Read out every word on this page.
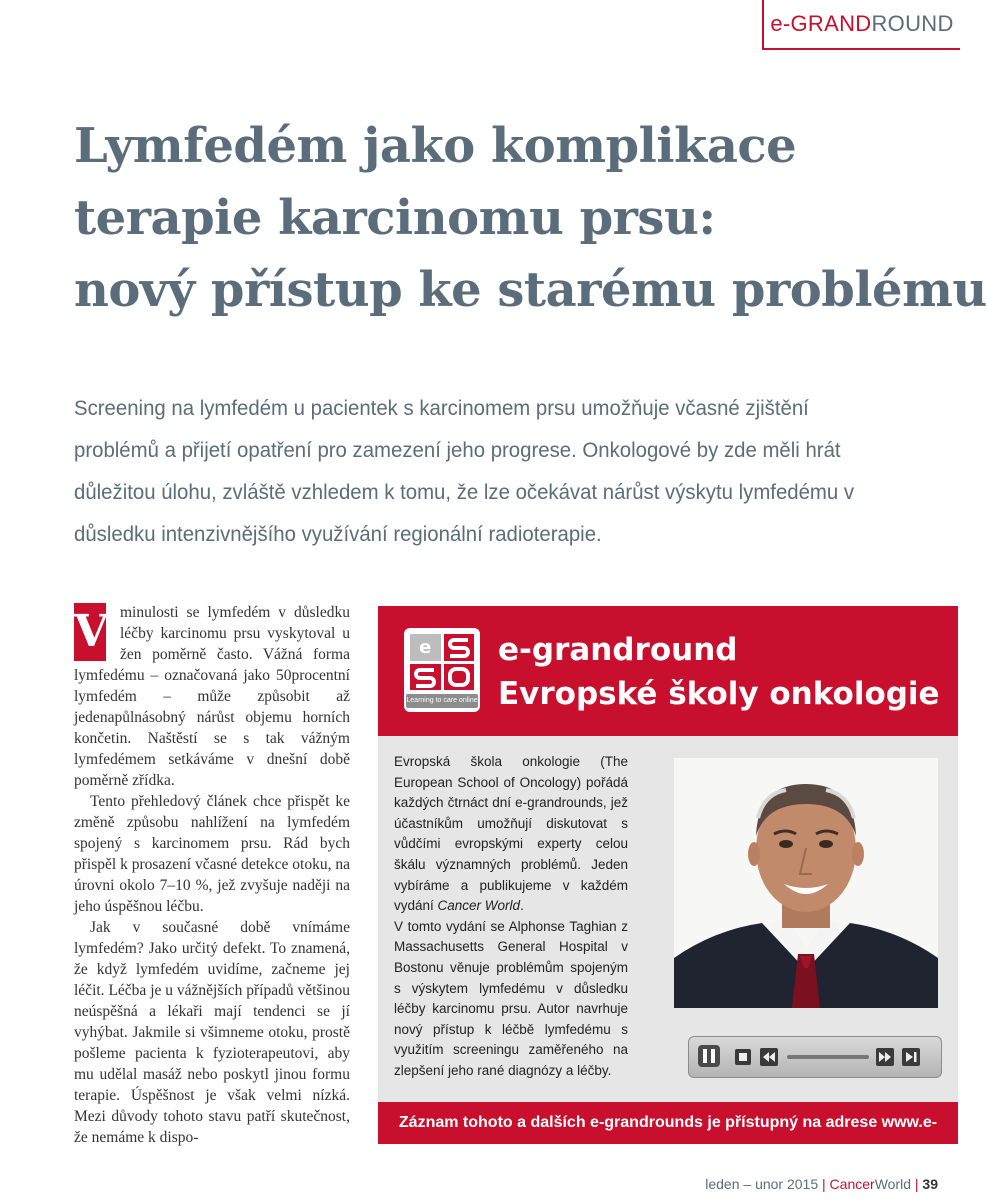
e-GRANDROUND
Lymfedém jako komplikace
terapie karcinomu prsu:
nový přístup ke starému problému
Screening na lymfedém u pacientek s karcinomem prsu umožňuje včasné zjištění
problémů a přijetí opatření pro zamezení jeho progrese. Onkologové by zde měli hrát
důležitou úlohu, zvláště vzhledem k tomu, že lze očekávat nárůst výskytu lymfedému v
důsledku intenzivnějšího využívání regionální radioterapie.

V minulosti se lymfedém v důsledku léčby karcinomu prsu vyskytoval u žen poměrně často. Vážná forma lymfedému – označovaná jako 50procentní lymfedém – může způsobit až jedenapůlnásobný nárůst objemu horních končetin. Naštěstí se s tak vážným lymfedémem setkáváme v dnešní době poměrně zřídka.

Tento přehledový článek chce přispět ke změně způsobu nahlížení na lymfedém spojený s karcinomem prsu. Rád bych přispěl k prosazení včasné detekce otoku, na úrovni okolo 7–10 %, jež zvyšuje naději na jeho úspěšnou léčbu.

Jak v současné době vnímáme lymfedém? Jako určitý defekt. To znamená, že když lymfedém uvidíme, začneme jej léčit. Léčba je u vážnějších případů většinou neúspěšná a lékaři mají tendenci se jí vyhýbat. Jakmile si všimneme otoku, prostě pošleme pacienta k fyzioterapeutovi, aby mu udělal masáž nebo poskytl jinou formu terapie. Úspěšnost je však velmi nízká. Mezi důvody tohoto stavu patří skutečnost, že nemáme k dispo-

e
Learning to care online
e-grandround
Evropské školy onkologie

Evropská škola onkologie (The European School of Oncology) pořádá každých čtrnáct dní e-grandrounds, jež účastníkům umožňují diskutovat s vůdčími evropskými experty celou škálu významných problémů. Jeden vybíráme a publikujeme v každém vydání Cancer World.

V tomto vydání se Alphonse Taghian z Massachusetts General Hospital v Bostonu věnuje problémům spojeným s výskytem lymfedému v důsledku léčby karcinomu prsu. Autor navrhuje nový přístup k léčbě lymfedému s využitím screeningu zaměřeného na zlepšení jeho rané diagnózy a léčby.

Záznam tohoto a dalších e-grandrounds je přístupný na adrese www.e-eso.net.
leden – unor 2015 | CancerWorld | 39
